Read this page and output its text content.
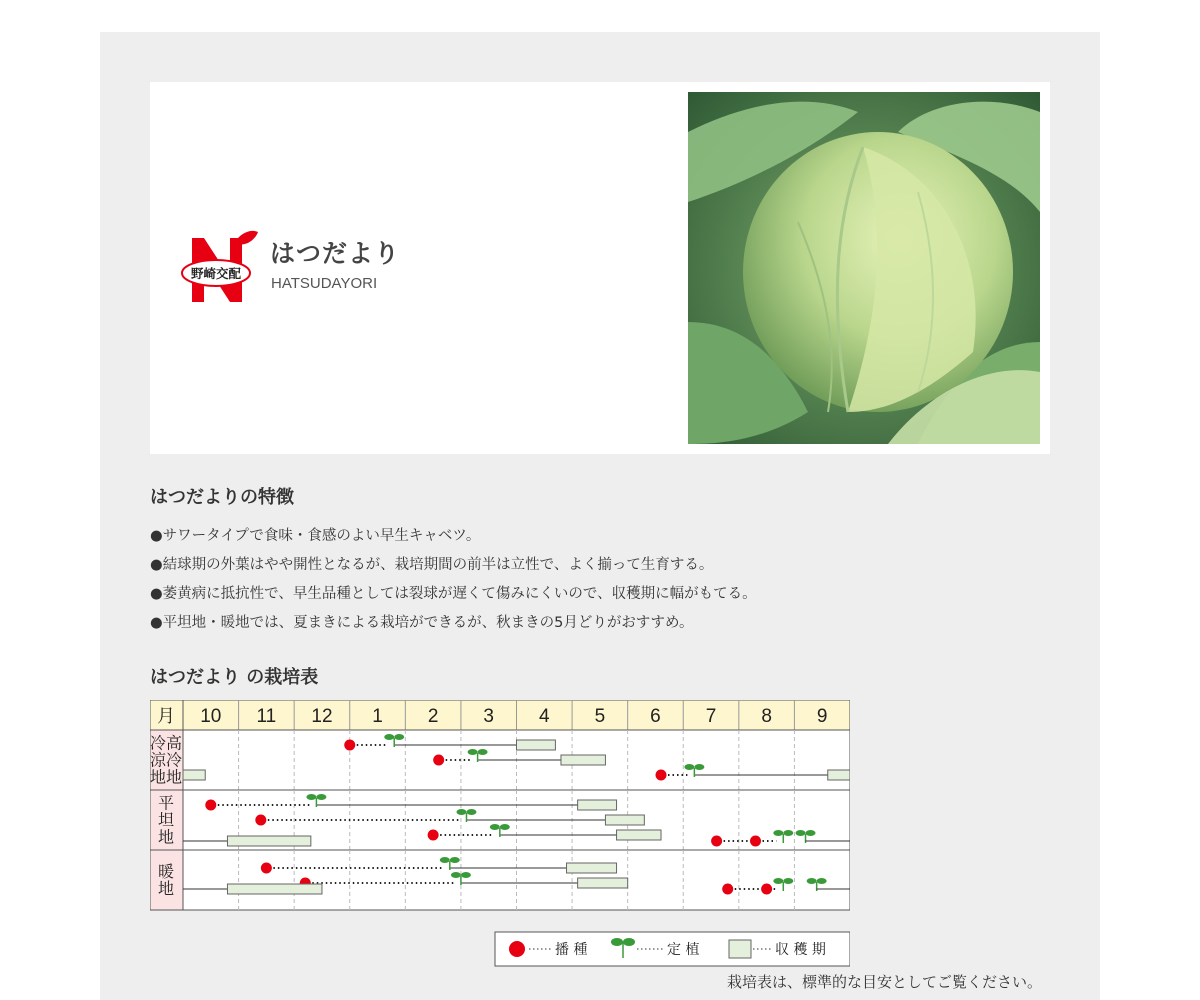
野崎交配
はつだより
HATSUDAYORI
はつだよりの特徴
●サワータイプで食味・食感のよい早生キャベツ。
●結球期の外葉はやや開性となるが、栽培期間の前半は立性で、よく揃って生育する。
●萎黄病に抵抗性で、早生品種としては裂球が遅くて傷みにくいので、収穫期に幅がもてる。
●平坦地・暖地では、夏まきによる栽培ができるが、秋まきの5月どりがおすすめ。
はつだより の栽培表
月 10 11 12 1 2 3 4 5 6 7 8 9
冷高
涼冷
地地
平
坦
地
暖
地
播 種	定 植	収 穫 期
栽培表は、標準的な目安としてご覧ください。
